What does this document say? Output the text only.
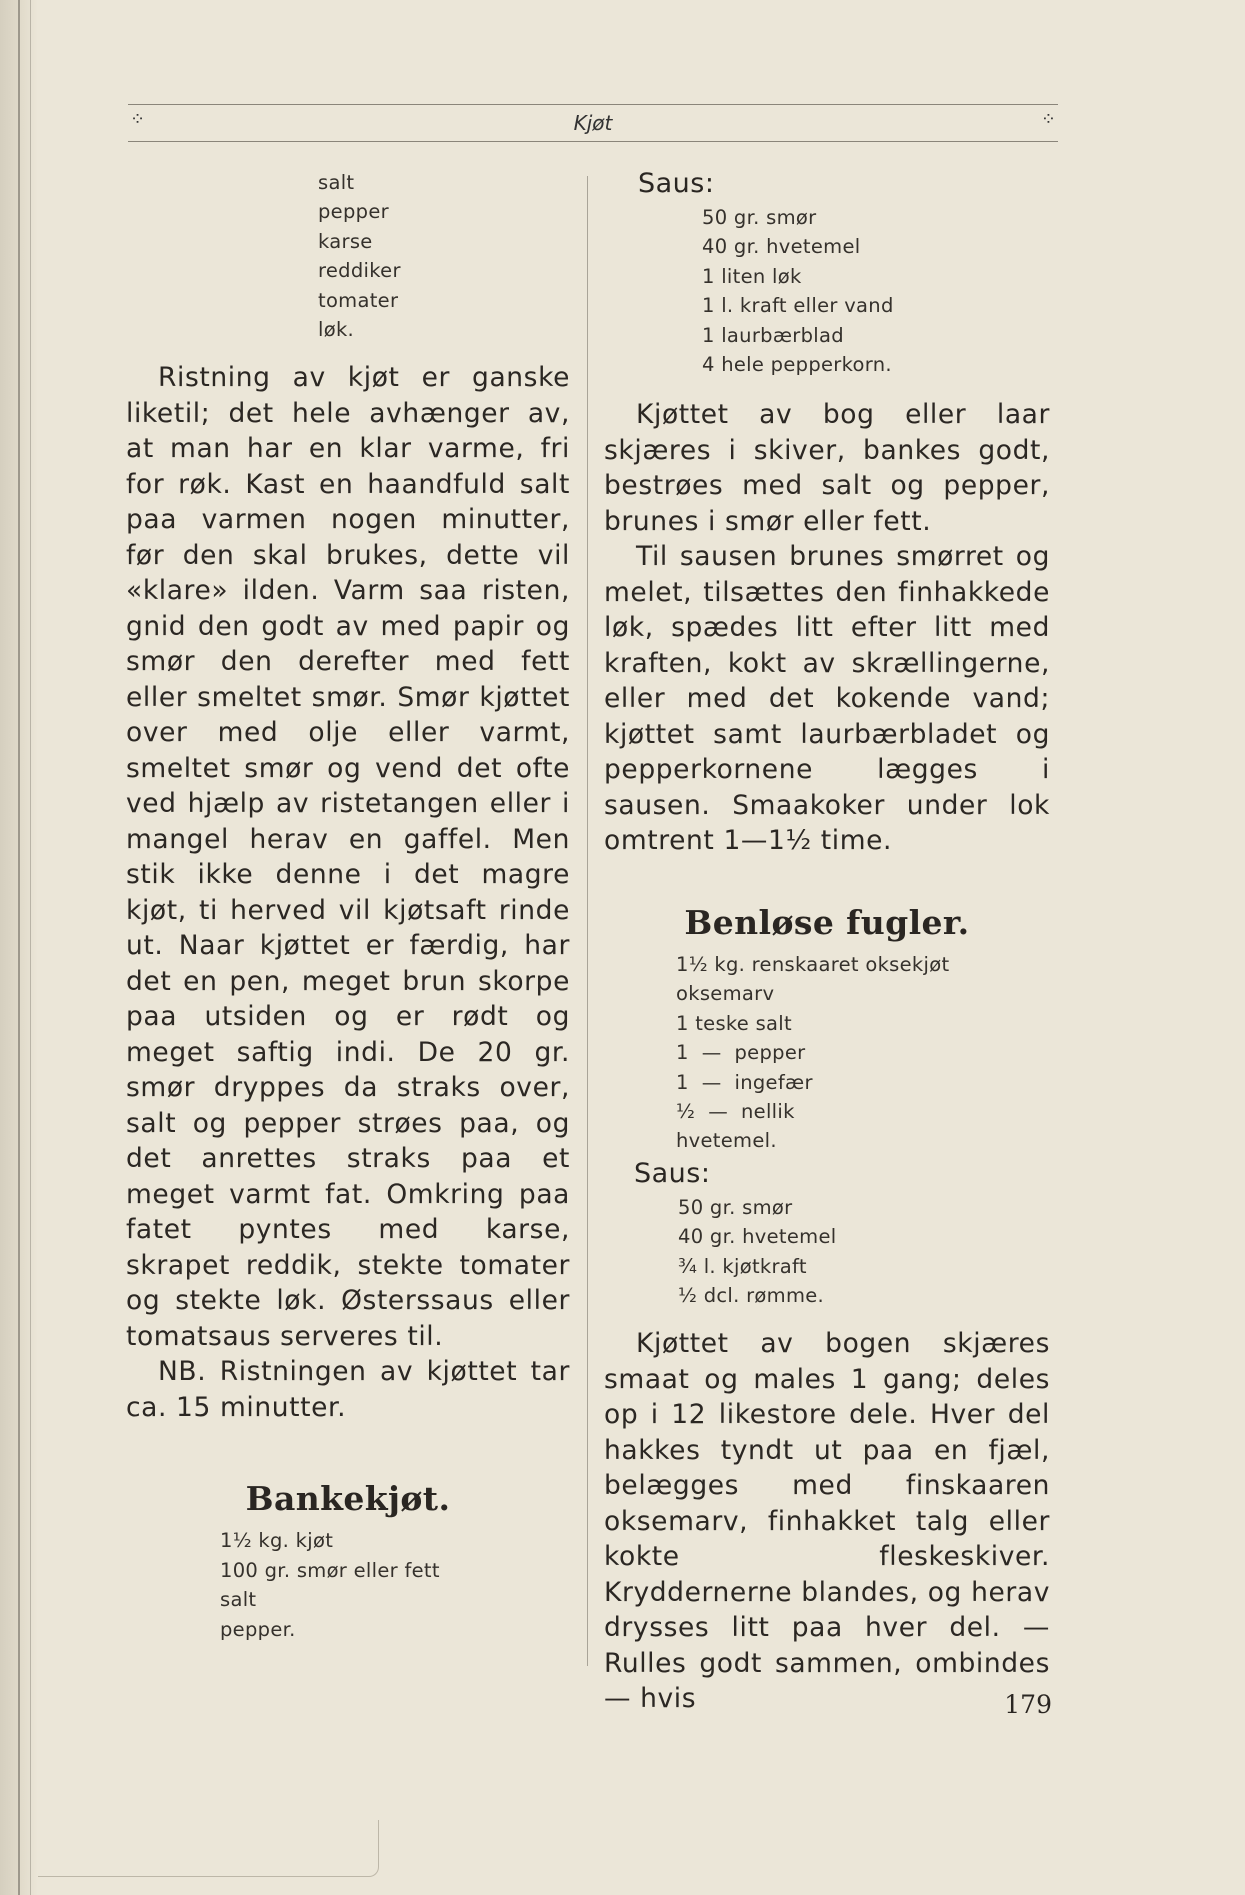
⁘	Kjøt	⁘
salt
pepper
karse
reddiker
tomater
løk.

Ristning av kjøt er ganske liketil; det hele avhænger av, at man har en klar varme, fri for røk. Kast en haandfuld salt paa varmen nogen minutter, før den skal brukes, dette vil «klare» ilden. Varm saa risten, gnid den godt av med papir og smør den derefter med fett eller smeltet smør. Smør kjøttet over med olje eller varmt, smeltet smør og vend det ofte ved hjælp av ristetangen eller i mangel herav en gaffel. Men stik ikke denne i det magre kjøt, ti herved vil kjøtsaft rinde ut. Naar kjøttet er færdig, har det en pen, meget brun skorpe paa utsiden og er rødt og meget saftig indi. De 20 gr. smør dryppes da straks over, salt og pepper strøes paa, og det anrettes straks paa et meget varmt fat. Omkring paa fatet pyntes med karse, skrapet reddik, stekte tomater og stekte løk. Østerssaus eller tomatsaus serveres til.

NB. Ristningen av kjøttet tar ca. 15 minutter.

Bankekjøt.
1½ kg. kjøt
100 gr. smør eller fett
salt
pepper.

Saus:

50 gr. smør
40 gr. hvetemel
1 liten løk
1 l. kraft eller vand
1 laurbærblad
4 hele pepperkorn.

Kjøttet av bog eller laar skjæres i skiver, bankes godt, bestrøes med salt og pepper, brunes i smør eller fett.

Til sausen brunes smørret og melet, tilsættes den finhakkede løk, spædes litt efter litt med kraften, kokt av skrællingerne, eller med det kokende vand; kjøttet samt laurbærbladet og pepperkornene lægges i sausen. Smaakoker under lok omtrent 1—1½ time.

Benløse fugler.
1½ kg. renskaaret oksekjøt
oksemarv
1 teske salt
1  —  pepper
1  —  ingefær
½  —  nellik
hvetemel.

Saus:

50 gr. smør
40 gr. hvetemel
¾ l. kjøtkraft
½ dcl. rømme.

Kjøttet av bogen skjæres smaat og males 1 gang; deles op i 12 likestore dele. Hver del hakkes tyndt ut paa en fjæl, belægges med finskaaren oksemarv, finhakket talg eller kokte fleskeskiver. Kryddernerne blandes, og herav drysses litt paa hver del. — Rulles godt sammen, ombindes — hvis	179
